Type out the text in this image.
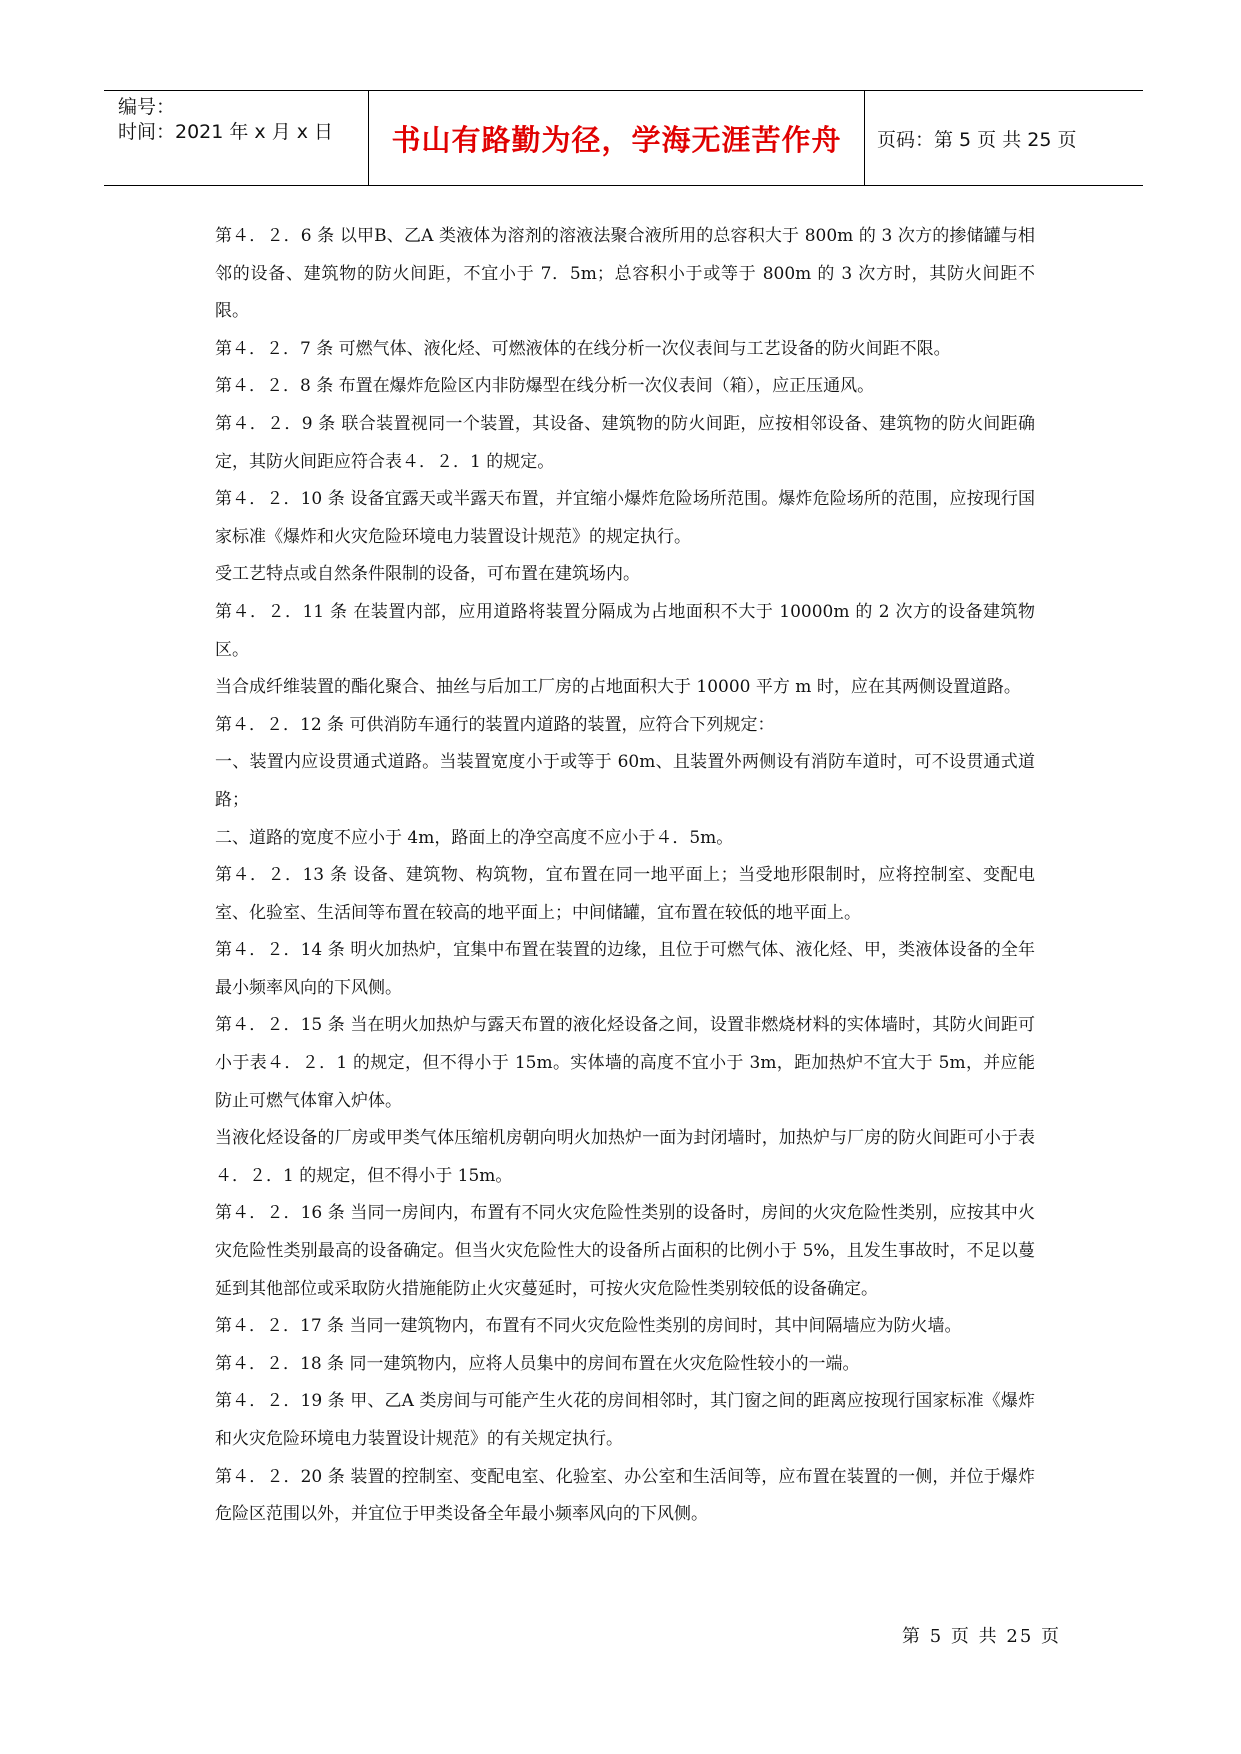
编号：
时间：2021 年 x 月 x 日 书山有路勤为径，学海无涯苦作舟 页码：第 5 页 共 25 页

第４．２．6 条 以甲B、乙A 类液体为溶剂的溶液法聚合液所用的总容积大于 800m 的 3 次方的掺储罐与相邻的设备、建筑物的防火间距，不宜小于 7．5m；总容积小于或等于 800m 的 3 次方时，其防火间距不限。

第４．２．7 条 可燃气体、液化烃、可燃液体的在线分析一次仪表间与工艺设备的防火间距不限。

第４．２．8 条 布置在爆炸危险区内非防爆型在线分析一次仪表间（箱），应正压通风。

第４．２．9 条 联合装置视同一个装置，其设备、建筑物的防火间距，应按相邻设备、建筑物的防火间距确定，其防火间距应符合表４．２．1 的规定。

第４．２．10 条 设备宜露天或半露天布置，并宜缩小爆炸危险场所范围。爆炸危险场所的范围，应按现行国家标准《爆炸和火灾危险环境电力装置设计规范》的规定执行。

受工艺特点或自然条件限制的设备，可布置在建筑场内。

第４．２．11 条 在装置内部，应用道路将装置分隔成为占地面积不大于 10000m 的 2 次方的设备建筑物区。

当合成纤维装置的酯化聚合、抽丝与后加工厂房的占地面积大于 10000 平方 m 时，应在其两侧设置道路。

第４．２．12 条 可供消防车通行的装置内道路的装置，应符合下列规定：

一、装置内应设贯通式道路。当装置宽度小于或等于 60m、且装置外两侧设有消防车道时，可不设贯通式道路；

二、道路的宽度不应小于 4m，路面上的净空高度不应小于４．5m。

第４．２．13 条 设备、建筑物、构筑物，宜布置在同一地平面上；当受地形限制时，应将控制室、变配电室、化验室、生活间等布置在较高的地平面上；中间储罐，宜布置在较低的地平面上。

第４．２．14 条 明火加热炉，宜集中布置在装置的边缘，且位于可燃气体、液化烃、甲，类液体设备的全年最小频率风向的下风侧。

第４．２．15 条 当在明火加热炉与露天布置的液化烃设备之间，设置非燃烧材料的实体墙时，其防火间距可小于表４．２．1 的规定，但不得小于 15m。实体墙的高度不宜小于 3m，距加热炉不宜大于 5m，并应能防止可燃气体窜入炉体。

当液化烃设备的厂房或甲类气体压缩机房朝向明火加热炉一面为封闭墙时，加热炉与厂房的防火间距可小于表４．２．1 的规定，但不得小于 15m。

第４．２．16 条 当同一房间内，布置有不同火灾危险性类别的设备时，房间的火灾危险性类别，应按其中火灾危险性类别最高的设备确定。但当火灾危险性大的设备所占面积的比例小于 5%，且发生事故时，不足以蔓延到其他部位或采取防火措施能防止火灾蔓延时，可按火灾危险性类别较低的设备确定。

第４．２．17 条 当同一建筑物内，布置有不同火灾危险性类别的房间时，其中间隔墙应为防火墙。

第４．２．18 条 同一建筑物内，应将人员集中的房间布置在火灾危险性较小的一端。

第４．２．19 条 甲、乙A 类房间与可能产生火花的房间相邻时，其门窗之间的距离应按现行国家标准《爆炸和火灾危险环境电力装置设计规范》的有关规定执行。

第４．２．20 条 装置的控制室、变配电室、化验室、办公室和生活间等，应布置在装置的一侧，并位于爆炸危险区范围以外，并宜位于甲类设备全年最小频率风向的下风侧。

第 5 页 共 25 页
